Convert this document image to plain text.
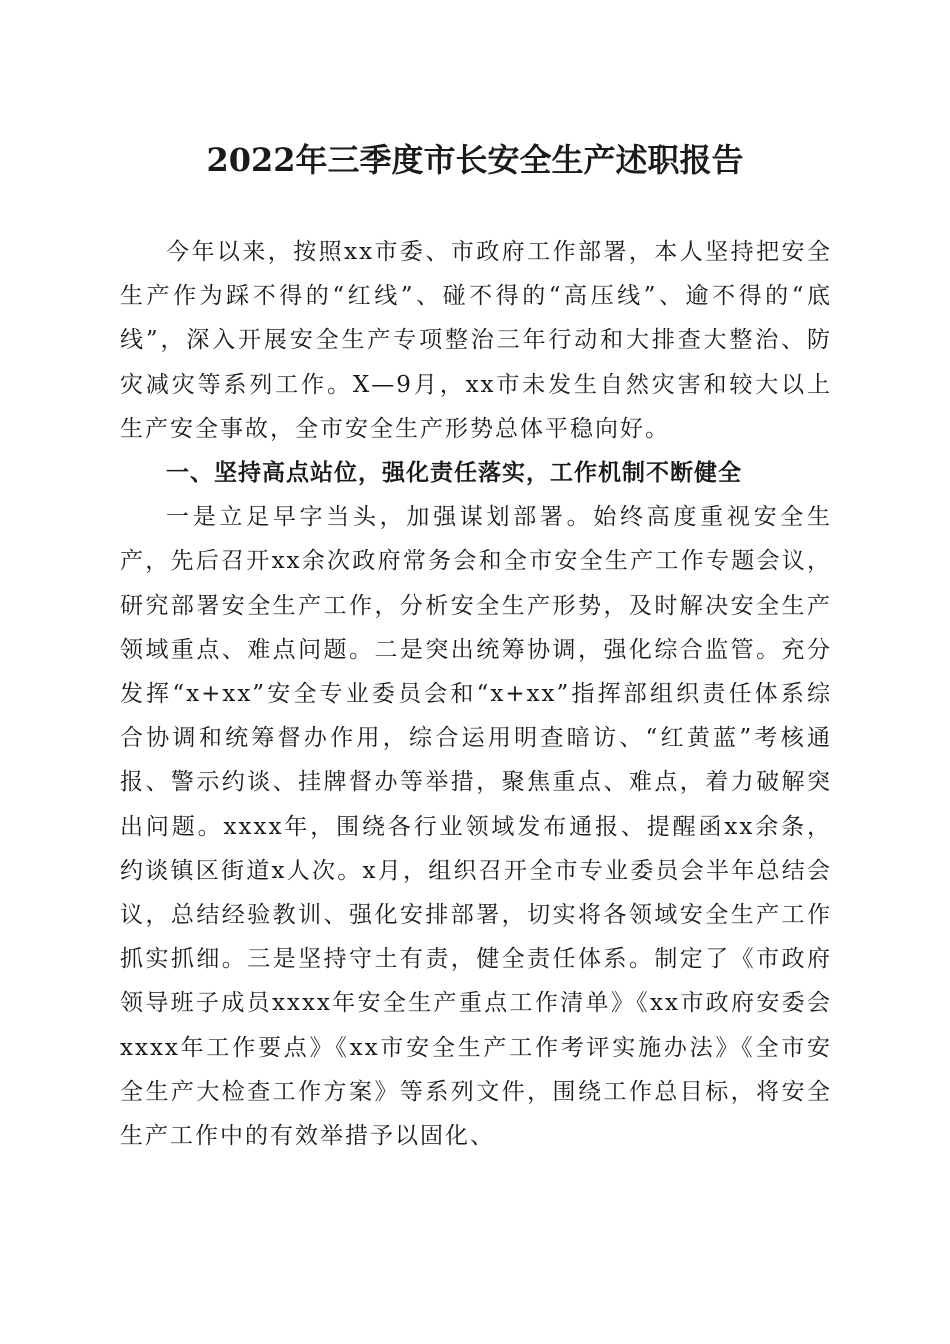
2022年三季度市长安全生产述职报告

今年以来，按照xx市委、市政府工作部署，本人坚持把安全生产作为踩不得的“红线”、碰不得的“高压线”、逾不得的“底线”，深入开展安全生产专项整治三年行动和大排查大整治、防灾减灾等系列工作。X—9月，xx市未发生自然灾害和较大以上生产安全事故，全市安全生产形势总体平稳向好。

一、坚持高点站位，强化责任落实，工作机制不断健全

一是立足早字当头，加强谋划部署。始终高度重视安全生产，先后召开xx余次政府常务会和全市安全生产工作专题会议，研究部署安全生产工作，分析安全生产形势，及时解决安全生产领域重点、难点问题。二是突出统筹协调，强化综合监管。充分发挥“x+xx”安全专业委员会和“x+xx”指挥部组织责任体系综合协调和统筹督办作用，综合运用明查暗访、“红黄蓝”考核通报、警示约谈、挂牌督办等举措，聚焦重点、难点，着力破解突出问题。xxxx年，围绕各行业领域发布通报、提醒函xx余条，约谈镇区街道x人次。x月，组织召开全市专业委员会半年总结会议，总结经验教训、强化安排部署，切实将各领域安全生产工作抓实抓细。三是坚持守土有责，健全责任体系。制定了《市政府领导班子成员xxxx年安全生产重点工作清单》《xx市政府安委会xxxx年工作要点》《xx市安全生产工作考评实施办法》《全市安全生产大检查工作方案》等系列文件，围绕工作总目标，将安全生产工作中的有效举措予以固化、
